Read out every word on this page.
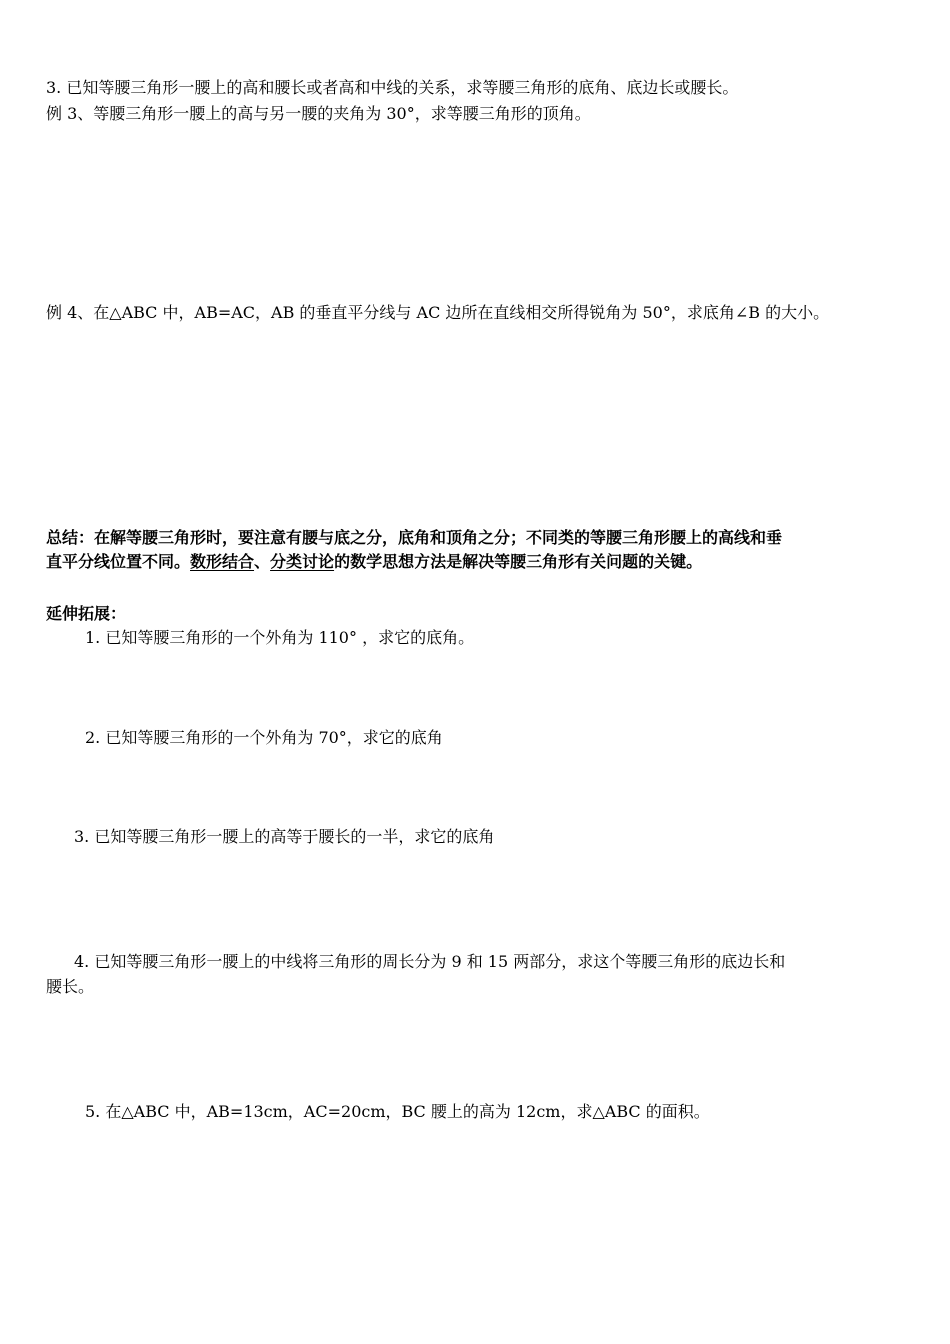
3. 已知等腰三角形一腰上的高和腰长或者高和中线的关系，求等腰三角形的底角、底边长或腰长。
例 3、等腰三角形一腰上的高与另一腰的夹角为 30°，求等腰三角形的顶角。
例 4、在△ABC 中，AB=AC，AB 的垂直平分线与 AC 边所在直线相交所得锐角为 50°，求底角∠B 的大小。
总结：在解等腰三角形时，要注意有腰与底之分，底角和顶角之分；不同类的等腰三角形腰上的高线和垂
直平分线位置不同。数形结合、分类讨论的数学思想方法是解决等腰三角形有关问题的关键。
延伸拓展：
1. 已知等腰三角形的一个外角为 110° ，求它的底角。
2. 已知等腰三角形的一个外角为 70°，求它的底角
3. 已知等腰三角形一腰上的高等于腰长的一半，求它的底角
4. 已知等腰三角形一腰上的中线将三角形的周长分为 9 和 15 两部分，求这个等腰三角形的底边长和
腰长。
5. 在△ABC 中，AB=13cm，AC=20cm，BC 腰上的高为 12cm，求△ABC 的面积。
